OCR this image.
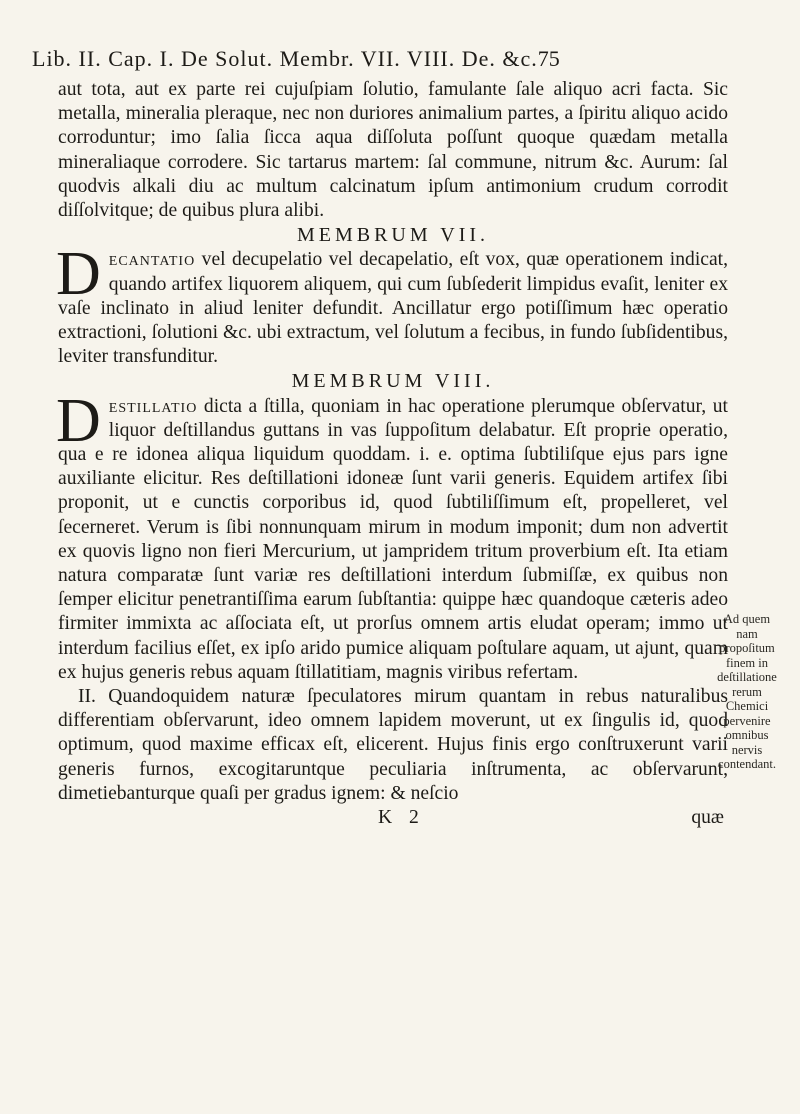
Lib. II. Cap. I. De Solut. Membr. VII. VIII. De. &c.75

aut tota, aut ex parte rei cujuſpiam ſolutio, famulante ſale aliquo acri facta. Sic metalla, mineralia pleraque, nec non duriores animalium partes, a ſpiritu aliquo acido corroduntur; imo ſalia ſicca aqua diſſoluta poſſunt quoque quædam metalla mineraliaque corrodere. Sic tartarus martem: ſal commune, nitrum &c. Aurum: ſal quodvis alkali diu ac multum calcinatum ipſum antimonium crudum corrodit diſſolvitque; de quibus plura alibi.

MEMBRUM VII.

Decantatio vel decupelatio vel decapelatio, eſt vox, quæ operationem indicat, quando artifex liquorem aliquem, qui cum ſubſederit limpidus evaſit, leniter ex vaſe inclinato in aliud leniter defundit. Ancillatur ergo potiſſimum hæc operatio extractioni, ſolutioni &c. ubi extractum, vel ſolutum a fecibus, in fundo ſubſidentibus, leviter transfunditur.

MEMBRUM VIII.

Destillatio dicta a ſtilla, quoniam in hac operatione plerumque obſervatur, ut liquor deſtillandus guttans in vas ſuppoſitum delabatur. Eſt proprie operatio, qua e re idonea aliqua liquidum quoddam. i. e. optima ſubtiliſque ejus pars igne auxiliante elicitur. Res deſtillationi idoneæ ſunt varii generis. Equidem artifex ſibi proponit, ut e cunctis corporibus id, quod ſubtiliſſimum eſt, propelleret, vel ſecerneret. Verum is ſibi nonnunquam mirum in modum imponit; dum non advertit ex quovis ligno non fieri Mercurium, ut jampridem tritum proverbium eſt. Ita etiam natura comparatæ ſunt variæ res deſtillationi interdum ſubmiſſæ, ex quibus non ſemper elicitur penetrantiſſima earum ſubſtantia: quippe hæc quandoque cæteris adeo firmiter immixta ac aſſociata eſt, ut prorſus omnem artis eludat operam; immo ut interdum facilius eſſet, ex ipſo arido pumice aliquam poſtulare aquam, ut ajunt, quam ex hujus generis rebus aquam ſtillatitiam, magnis viribus refertam.

II. Quandoquidem naturæ ſpeculatores mirum quantam in rebus naturalibus differentiam obſervarunt, ideo omnem lapidem moverunt, ut ex ſingulis id, quod optimum, quod maxime efficax eſt, elicerent. Hujus finis ergo conſtruxerunt varii generis furnos, excogitaruntque peculiaria inſtrumenta, ac obſervarunt, dimetiebanturque quaſi per gradus ignem: & neſcio

K 2	quæ
Ad quem nam propoſitum finem in deſtillatione rerum Chemici pervenire omnibus nervis contendant.
